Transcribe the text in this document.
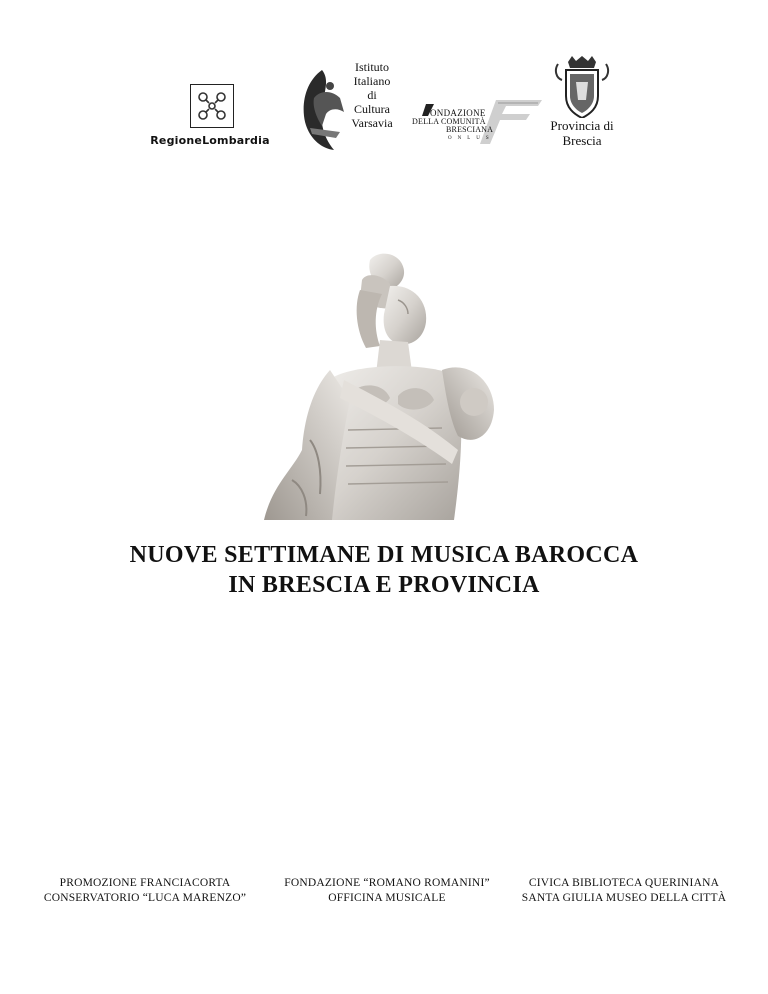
RegioneLombardia
Istituto
Italiano
di
Cultura
Varsavia
ONDAZIONE
DELLA COMUNITÀ
BRESCIANA
ONLUS
Provincia di
Brescia
NUOVE SETTIMANE DI MUSICA BAROCCA
IN BRESCIA E PROVINCIA
PROMOZIONE FRANCIACORTA
CONSERVATORIO “LUCA MARENZO”
FONDAZIONE “ROMANO ROMANINI”
OFFICINA MUSICALE
CIVICA BIBLIOTECA QUERINIANA
SANTA GIULIA MUSEO DELLA CITTÀ
